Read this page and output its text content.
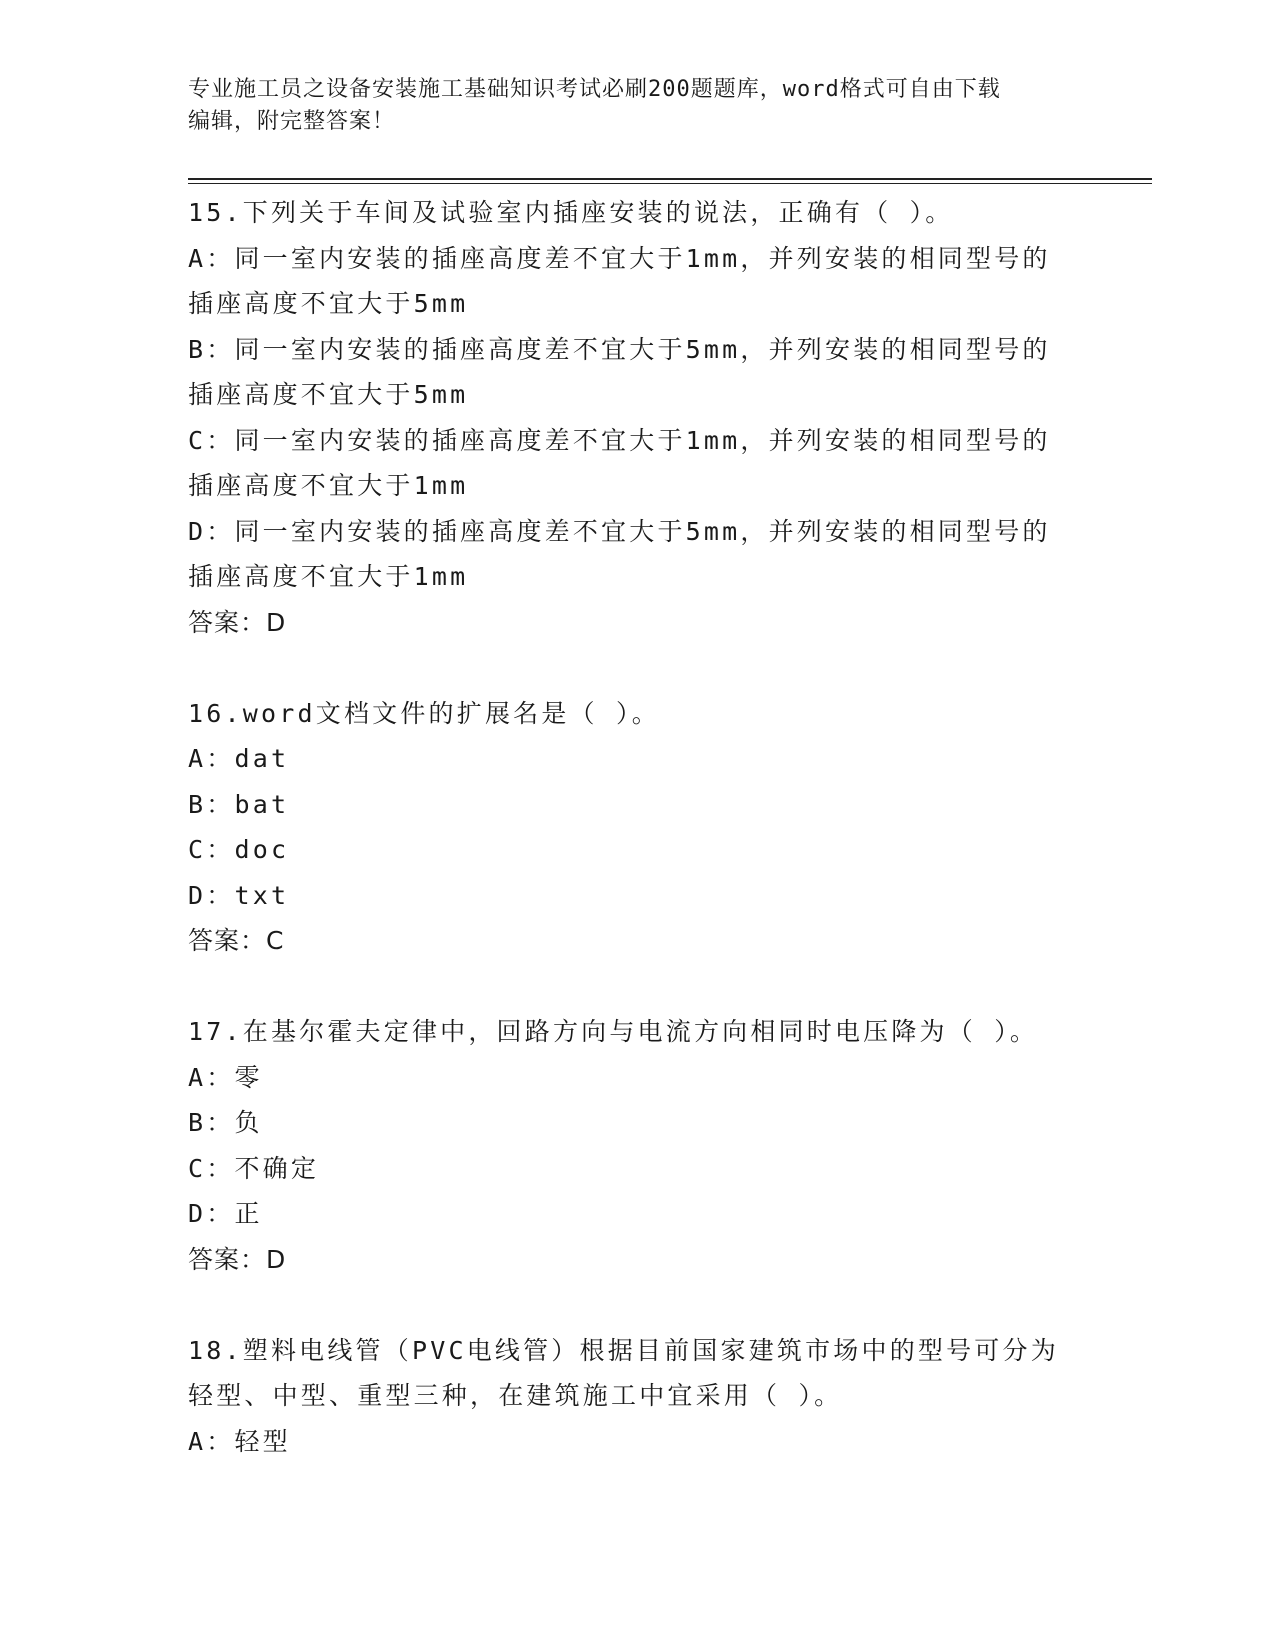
专业施工员之设备安装施工基础知识考试必刷200题题库，word格式可自由下载
编辑，附完整答案！
15.下列关于车间及试验室内插座安装的说法，正确有（ ）。
A：同一室内安装的插座高度差不宜大于1mm，并列安装的相同型号的
插座高度不宜大于5mm
B：同一室内安装的插座高度差不宜大于5mm，并列安装的相同型号的
插座高度不宜大于5mm
C：同一室内安装的插座高度差不宜大于1mm，并列安装的相同型号的
插座高度不宜大于1mm
D：同一室内安装的插座高度差不宜大于5mm，并列安装的相同型号的
插座高度不宜大于1mm
答案：D
16.word文档文件的扩展名是（ ）。
A：dat
B：bat
C：doc
D：txt
答案：C
17.在基尔霍夫定律中，回路方向与电流方向相同时电压降为（ ）。
A：零
B：负
C：不确定
D：正
答案：D
18.塑料电线管（PVC电线管）根据目前国家建筑市场中的型号可分为
轻型、中型、重型三种，在建筑施工中宜采用（ ）。
A：轻型
